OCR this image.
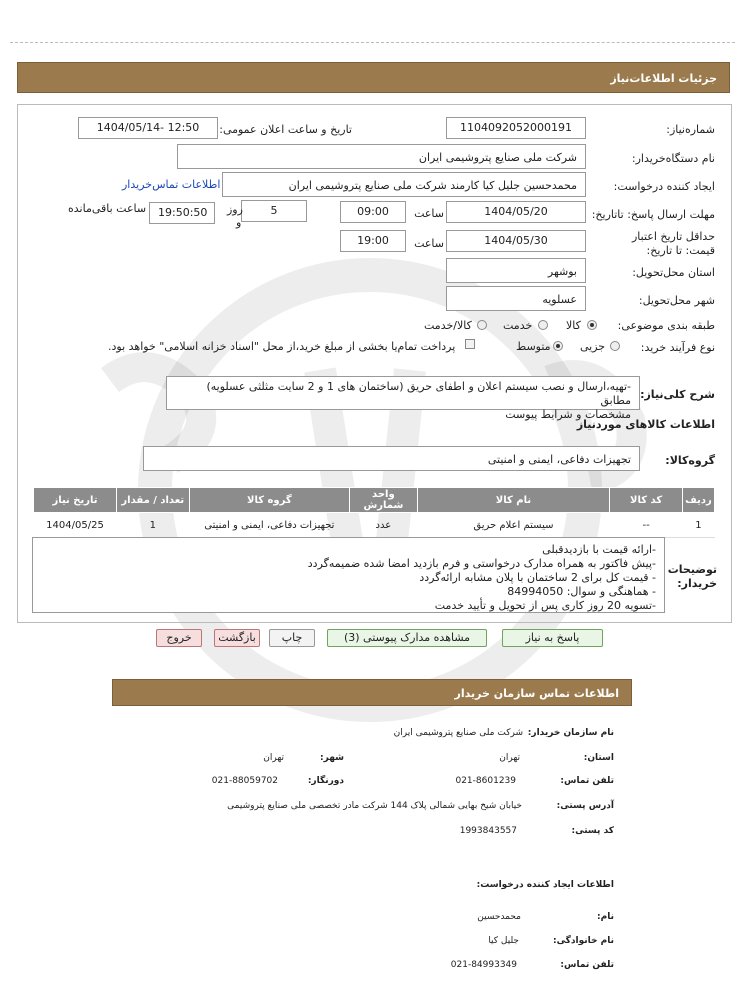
جزئیات اطلاعات‌نیاز
شماره‌نیاز:
1104092052000191
تاریخ و ساعت اعلان عمومی:
1404/05/14- 12:50
نام دستگاه‌خریدار:
شرکت ملی صنایع پتروشیمی ایران
ایجاد کننده درخواست:
محمدحسین جلیل کیا کارمند شرکت ملی صنایع پتروشیمی ایران
اطلاعات تماس‌خریدار
مهلت ارسال پاسخ: تاتاریخ:
1404/05/20
ساعت
09:00
5
روز
و
19:50:50
ساعت باقی‌مانده
حداقل تاریخ اعتبار قیمت: تا تاریخ:
1404/05/30
ساعت
19:00
استان محل‌تحویل:
بوشهر
شهر محل‌تحویل:
عسلویه
طبقه بندی موضوعی:
کالا
خدمت
کالا/خدمت
نوع فرآیند خرید:
جزیی
متوسط
پرداخت تمام‌یا بخشی از مبلغ خرید،از محل "اسناد خزانه اسلامی" خواهد بود.
شرح کلی‌نیاز:
-تهیه،ارسال و نصب سیستم اعلان و اطفای حریق (ساختمان های 1 و 2 سایت مثلثی عسلویه) مطابق
مشخصات و شرایط پیوست
اطلاعات کالاهای موردنیاز
گروه‌کالا:
تجهیزات دفاعی، ایمنی و امنیتی
ردیف	کد کالا	نام کالا	واحد شمارش	گروه کالا	تعداد / مقدار	تاریخ نیاز
1	--	سیستم اعلام حریق	عدد	تجهیزات دفاعی، ایمنی و امنیتی	1	1404/05/25
توضیحات خریدار:
-ارائه قیمت با بازدیدقبلی
-پیش فاکتور به همراه مدارک درخواستی و فرم بازدید امضا شده ضمیمه‌گردد
- قیمت کل برای 2 ساختمان با پلان مشابه ارائه‌گردد
- هماهنگی و سوال: 84994050
-تسویه 20 روز کاری پس از تحویل و تأیید خدمت
پاسخ به نیاز
مشاهده مدارک پیوستی (3)
چاپ
بازگشت
خروج
اطلاعات تماس سازمان خریدار
نام سازمان خریدار:
شرکت ملی صنایع پتروشیمی ایران
استان:
تهران
شهر:
تهران
تلفن تماس:
021-8601239
دورنگار:
021-88059702
آدرس پستی:
خیابان شیخ بهایی شمالی پلاک 144 شرکت مادر تخصصی ملی صنایع پتروشیمی
کد پستی:
1993843557
اطلاعات ایجاد کننده درخواست:
نام:
محمدحسین
نام خانوادگی:
جلیل کیا
تلفن تماس:
021-84993349
